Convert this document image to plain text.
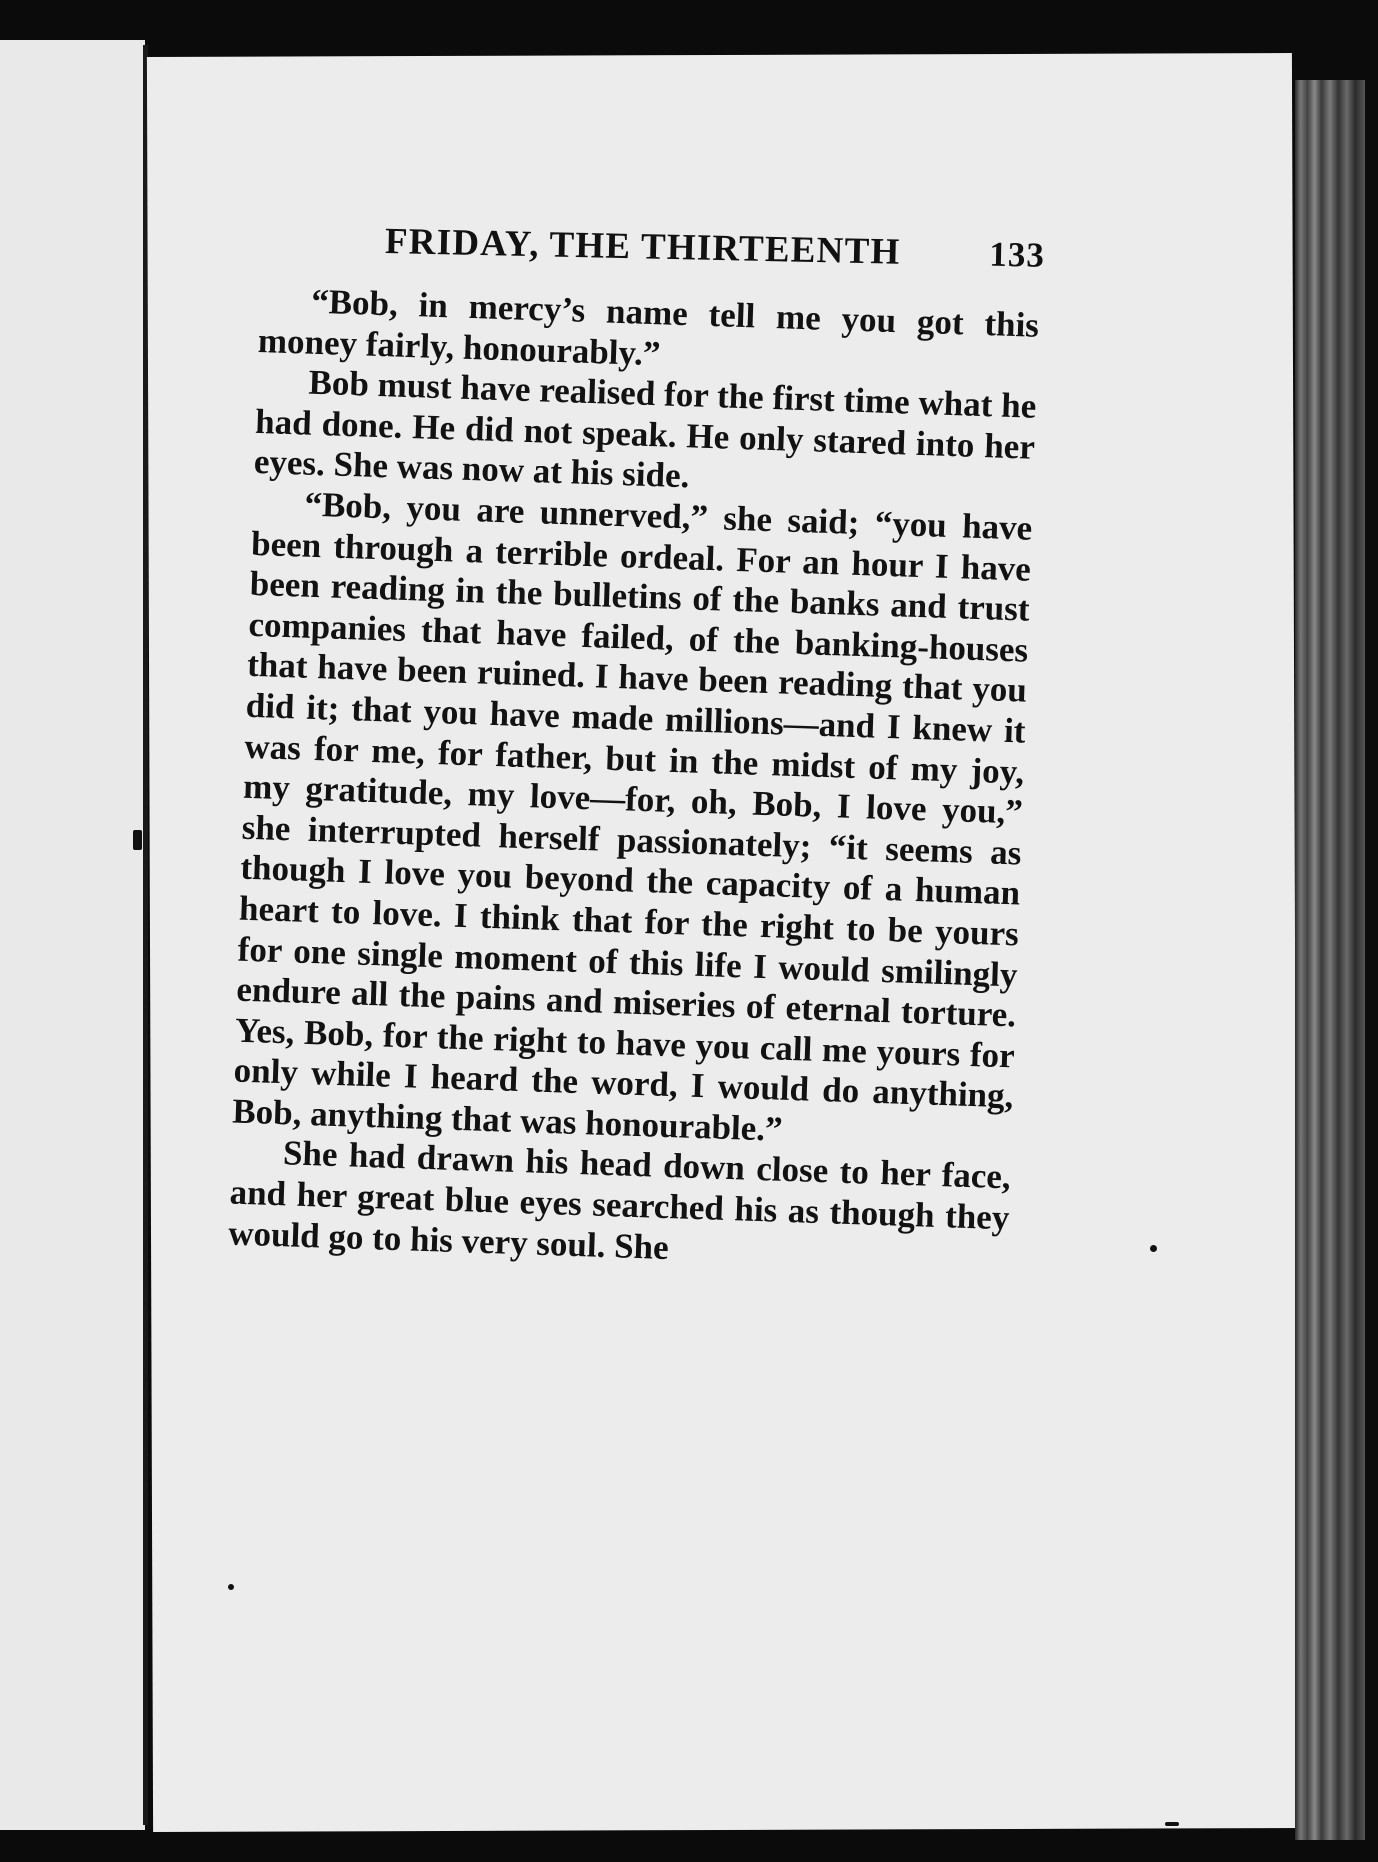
FRIDAY, THE THIRTEENTH	133

“Bob, in mercy’s name tell me you got this money fairly, honourably.”

Bob must have realised for the first time what he had done. He did not speak. He only stared into her eyes. She was now at his side.

“Bob, you are unnerved,” she said; “you have been through a terrible ordeal. For an hour I have been reading in the bulletins of the banks and trust companies that have failed, of the banking-houses that have been ruined. I have been reading that you did it; that you have made millions—and I knew it was for me, for father, but in the midst of my joy, my gratitude, my love—for, oh, Bob, I love you,” she interrupted herself passionately; “it seems as though I love you beyond the capacity of a human heart to love. I think that for the right to be yours for one single moment of this life I would smilingly endure all the pains and miseries of eternal torture. Yes, Bob, for the right to have you call me yours for only while I heard the word, I would do anything, Bob, anything that was honourable.”

She had drawn his head down close to her face, and her great blue eyes searched his as though they would go to his very soul. She
